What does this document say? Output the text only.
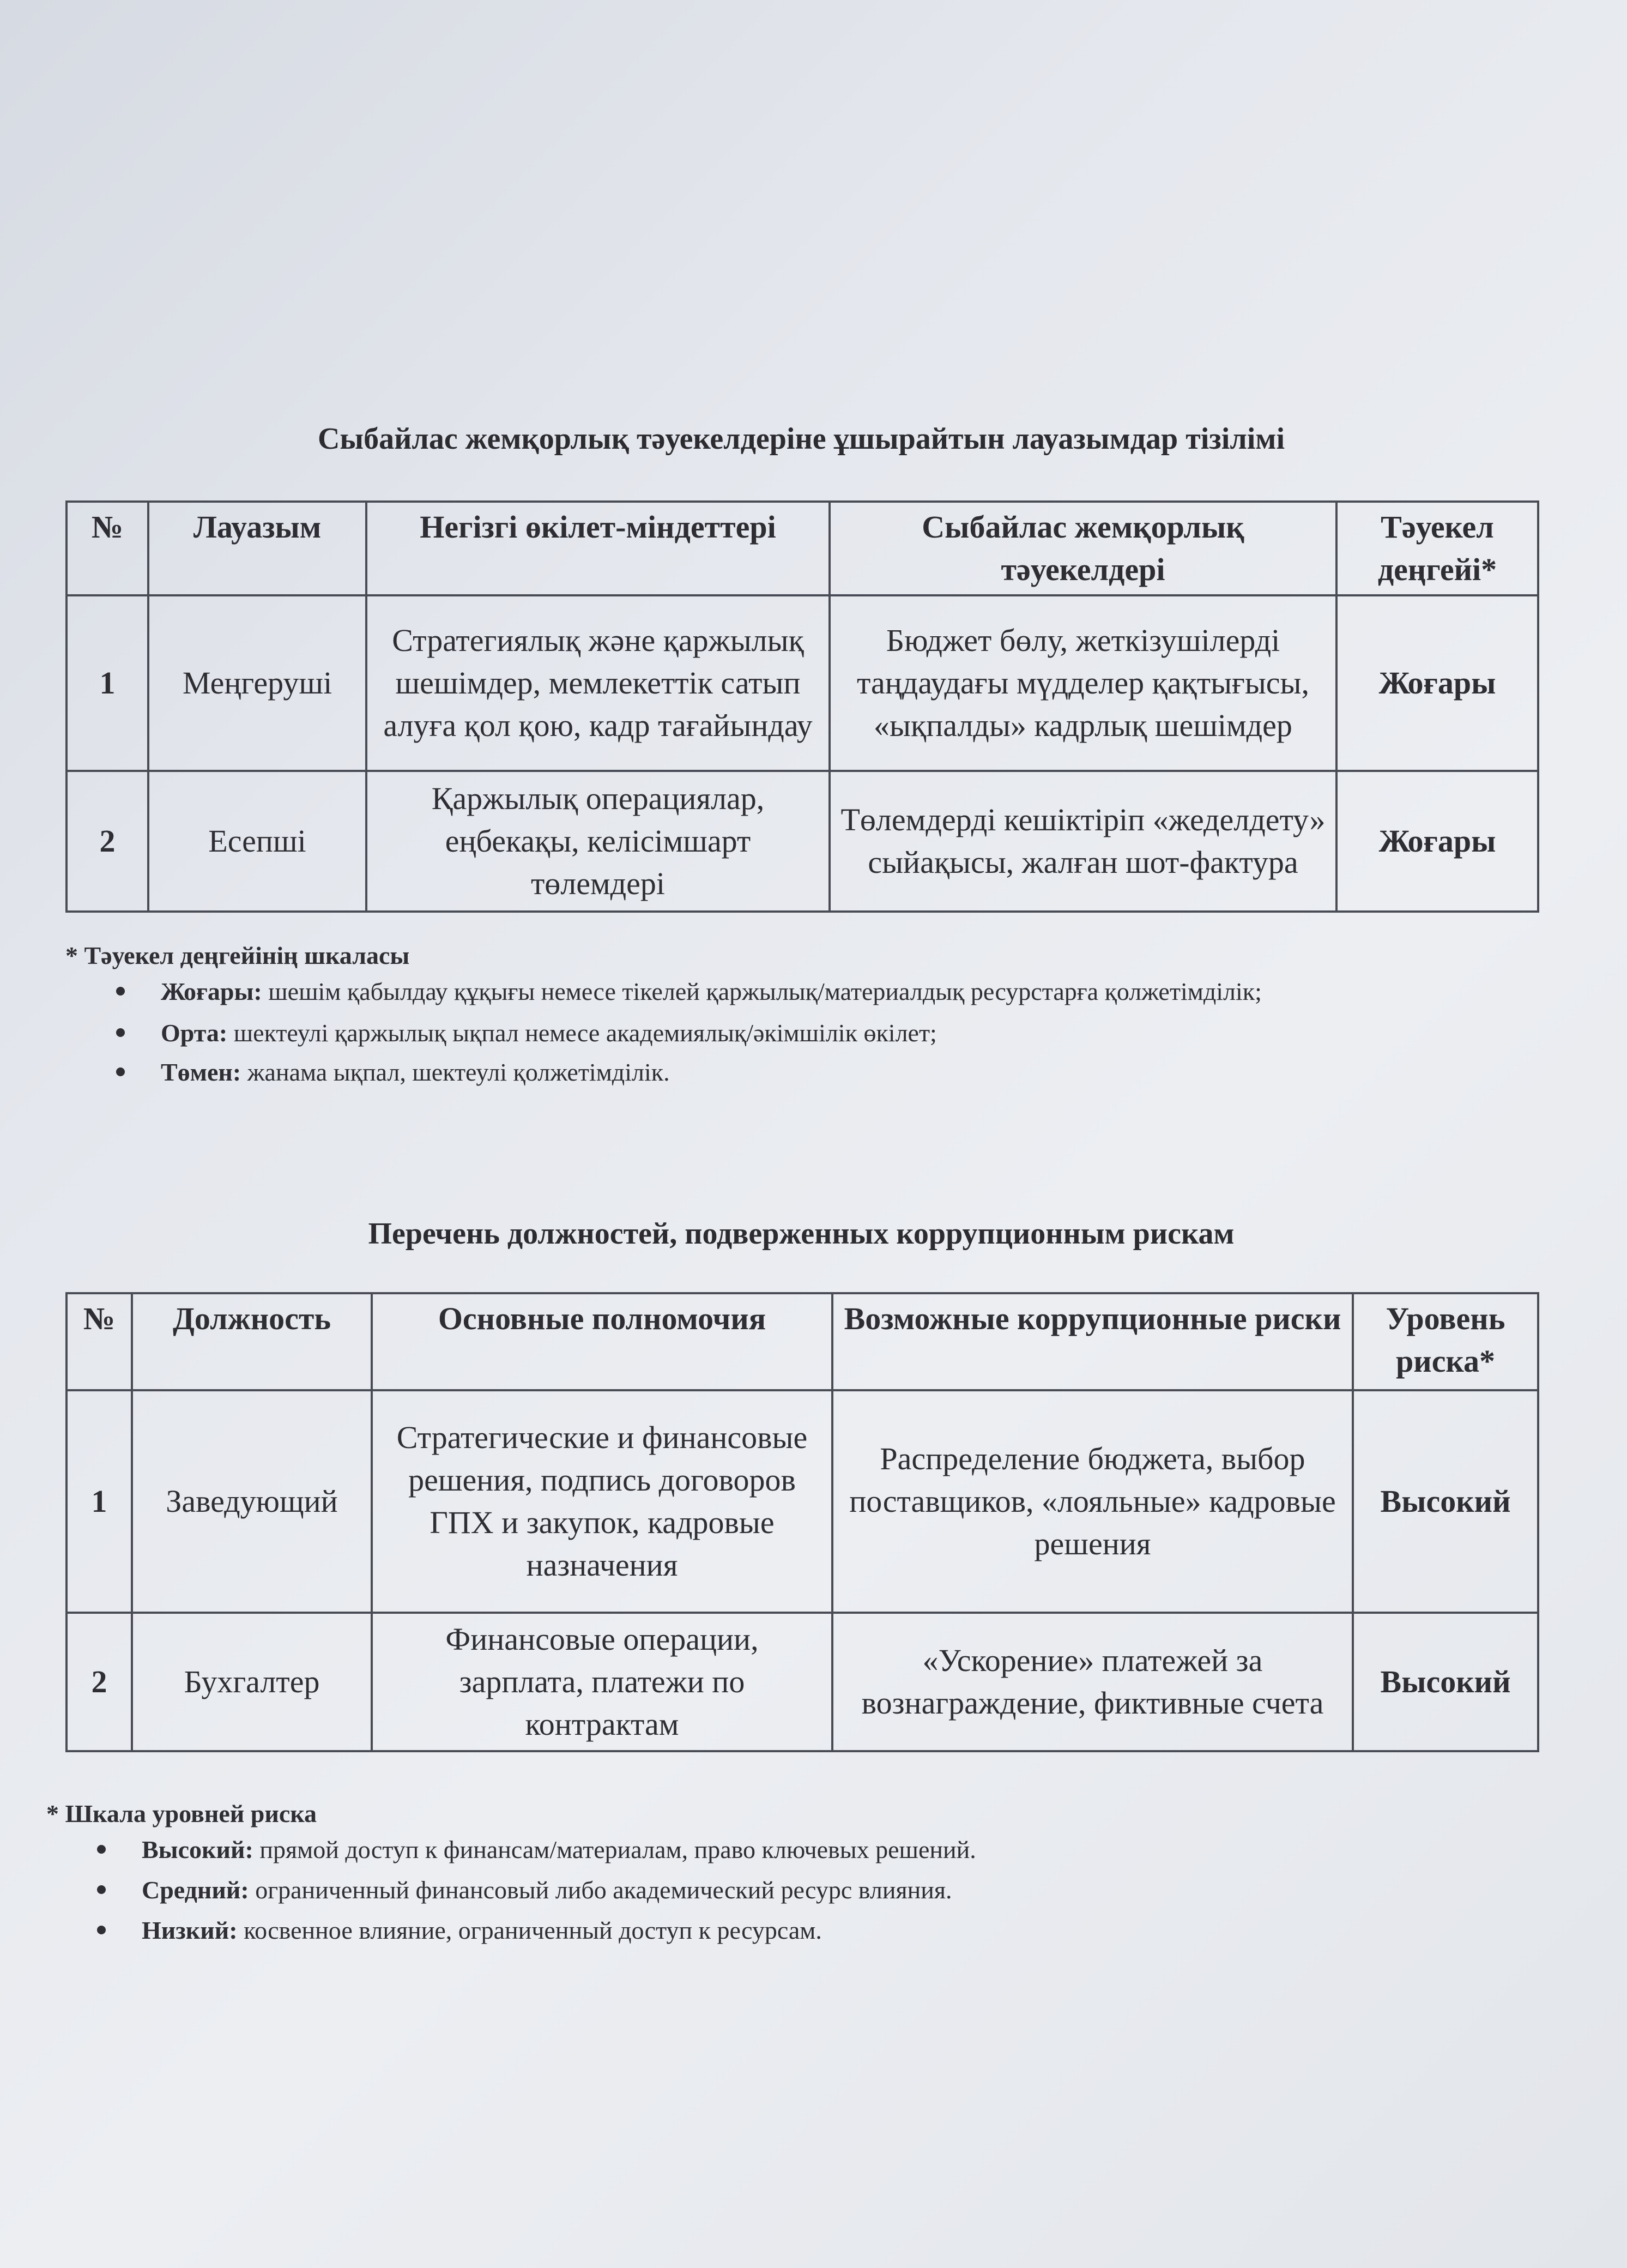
Сыбайлас жемқорлық тәуекелдеріне ұшырайтын лауазымдар тізілімі
№	Лауазым	Негізгі өкілет-міндеттері	Сыбайлас жемқорлық тәуекелдері	Тәуекел деңгейі*
1	Меңгеруші	Стратегиялық және қаржылық шешімдер, мемлекеттік сатып алуға қол қою, кадр тағайындау	Бюджет бөлу, жеткізушілерді таңдаудағы мүдделер қақтығысы, «ықпалды» кадрлық шешімдер	Жоғары
2	Есепші	Қаржылық операциялар, еңбекақы, келісімшарт төлемдері	Төлемдерді кешіктіріп «жеделдету» сыйақысы, жалған шот-фактура	Жоғары

* Тәуекел деңгейінің шкаласы

Жоғары: шешім қабылдау құқығы немесе тікелей қаржылық/материалдық ресурстарға қолжетімділік;
Орта: шектеулі қаржылық ықпал немесе академиялық/әкімшілік өкілет;
Төмен: жанама ықпал, шектеулі қолжетімділік.
Перечень должностей, подверженных коррупционным рискам
№	Должность	Основные полномочия	Возможные коррупционные риски	Уровень риска*
1	Заведующий	Стратегические и финансовые решения, подпись договоров ГПХ и закупок, кадровые назначения	Распределение бюджета, выбор поставщиков, «лояльные» кадровые решения	Высокий
2	Бухгалтер	Финансовые операции, зарплата, платежи по контрактам	«Ускорение» платежей за вознаграждение, фиктивные счета	Высокий

* Шкала уровней риска

Высокий: прямой доступ к финансам/материалам, право ключевых решений.
Средний: ограниченный финансовый либо академический ресурс влияния.
Низкий: косвенное влияние, ограниченный доступ к ресурсам.
